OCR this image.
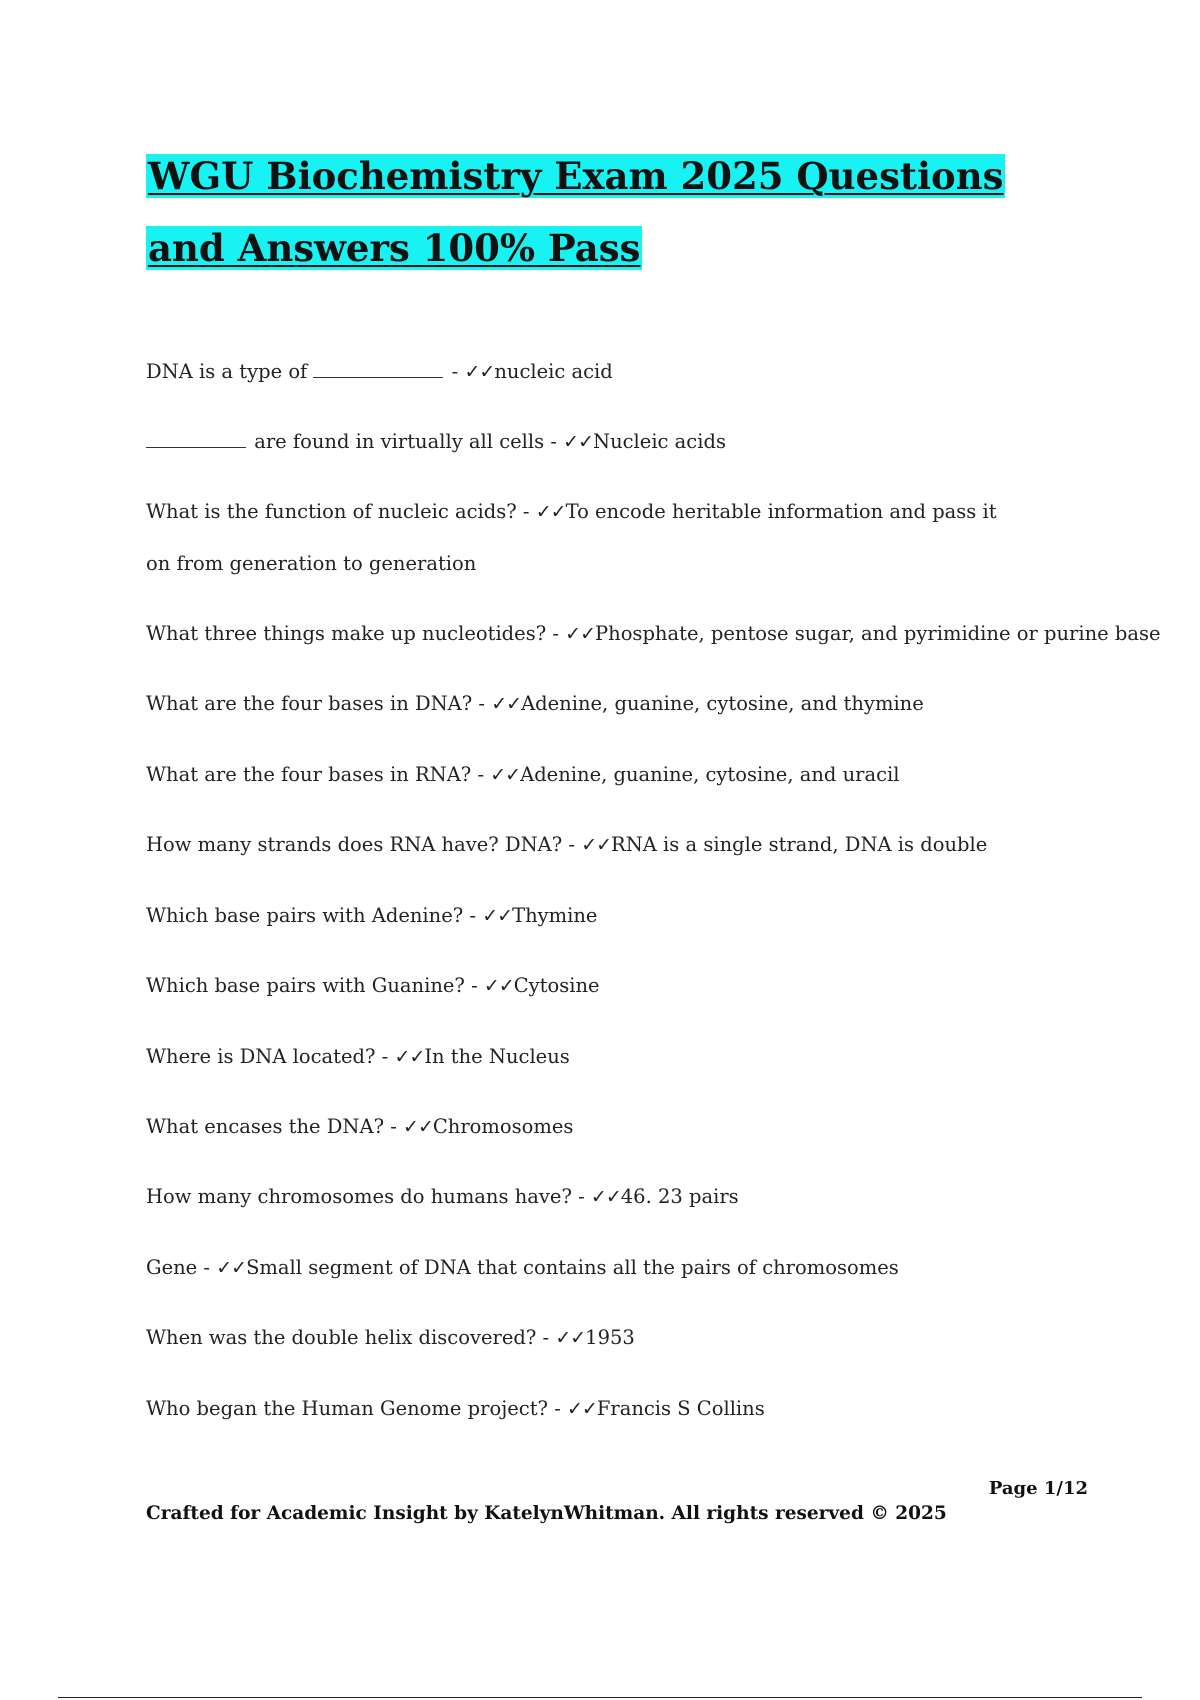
WGU Biochemistry Exam 2025 Questions and Answers 100% Pass

DNA is a type of	- ✓✓nucleic acid

are found in virtually all cells - ✓✓Nucleic acids

What is the function of nucleic acids? - ✓✓To encode heritable information and pass it on from generation to generation

What three things make up nucleotides? - ✓✓Phosphate, pentose sugar, and pyrimidine or purine base

What are the four bases in DNA? - ✓✓Adenine, guanine, cytosine, and thymine

What are the four bases in RNA? - ✓✓Adenine, guanine, cytosine, and uracil

How many strands does RNA have? DNA? - ✓✓RNA is a single strand, DNA is double

Which base pairs with Adenine? - ✓✓Thymine

Which base pairs with Guanine? - ✓✓Cytosine

Where is DNA located? - ✓✓In the Nucleus

What encases the DNA? - ✓✓Chromosomes

How many chromosomes do humans have? - ✓✓46. 23 pairs

Gene - ✓✓Small segment of DNA that contains all the pairs of chromosomes

When was the double helix discovered? - ✓✓1953

Who began the Human Genome project? - ✓✓Francis S Collins

Page 1/12
Crafted for Academic Insight by KatelynWhitman. All rights reserved © 2025
